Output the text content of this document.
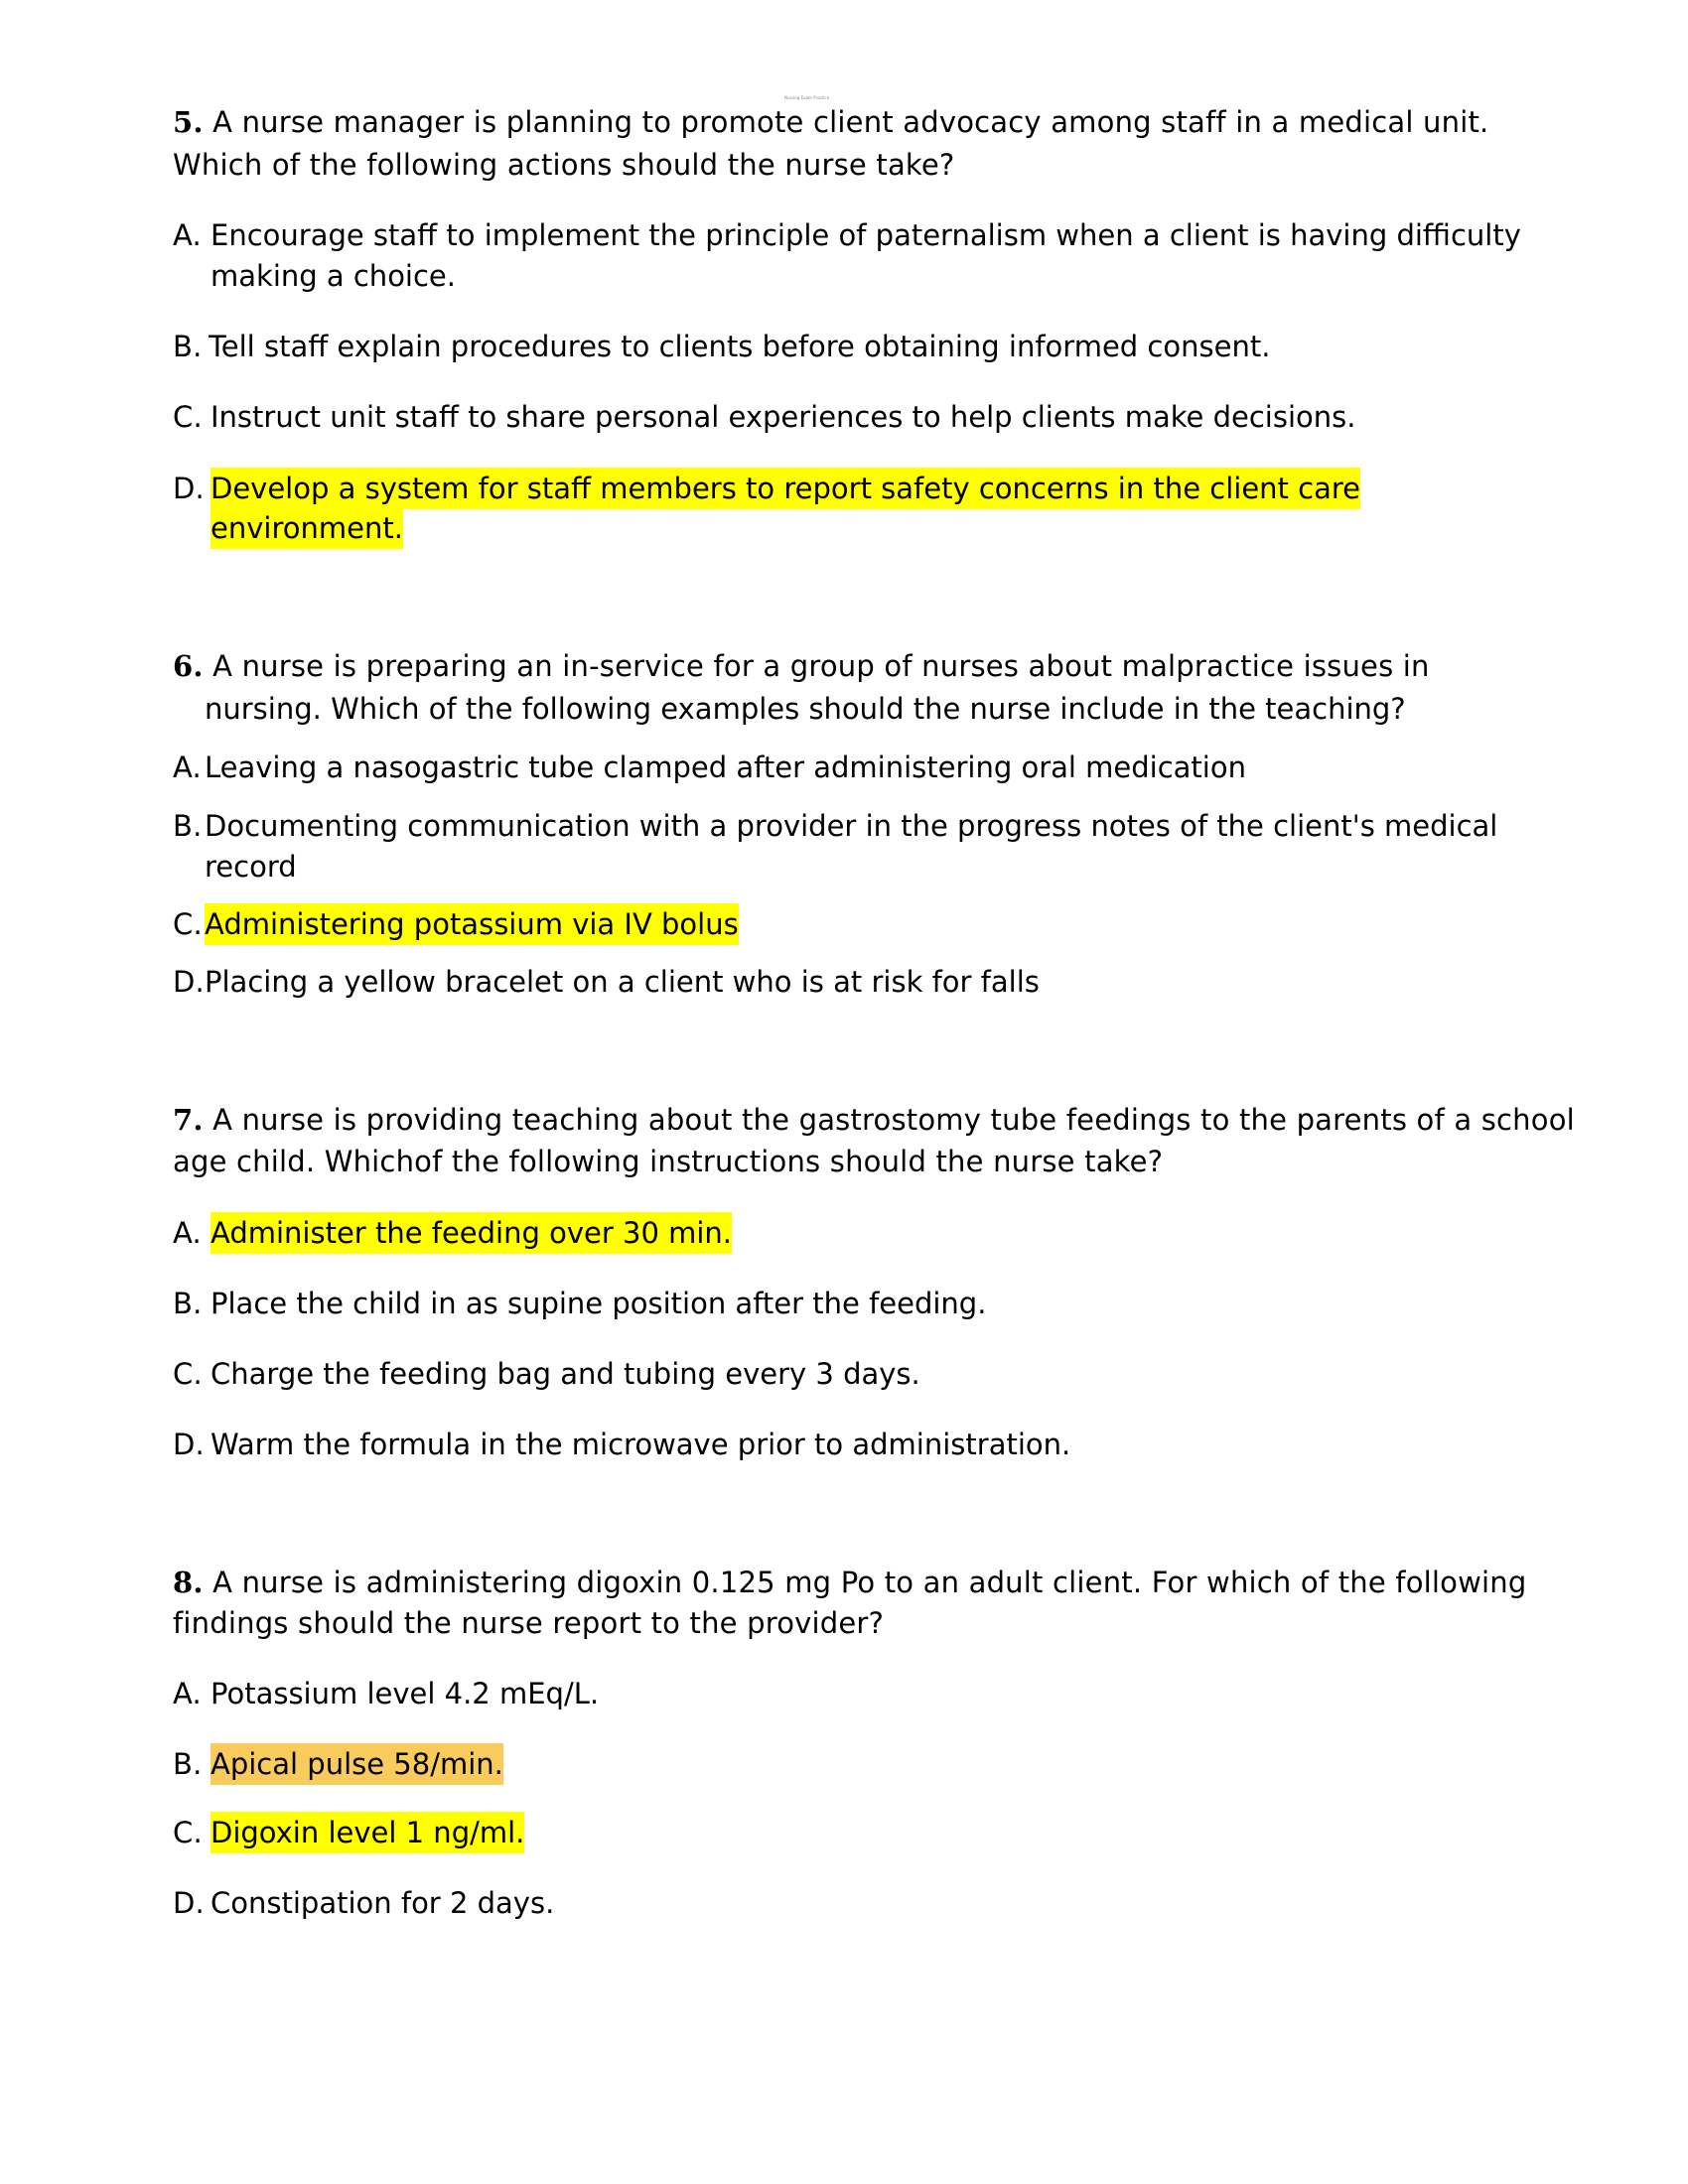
Nursing Exam Practice
5. A nurse manager is planning to promote client advocacy among staff in a medical unit.
Which of the following actions should the nurse take?
A. Encourage staff to implement the principle of paternalism when a client is having difficulty
making a choice.
B. Tell staff explain procedures to clients before obtaining informed consent.
C. Instruct unit staff to share personal experiences to help clients make decisions.
D. Develop a system for staff members to report safety concerns in the client care
environment.
6. A nurse is preparing an in-service for a group of nurses about malpractice issues in
nursing. Which of the following examples should the nurse include in the teaching?
A. Leaving a nasogastric tube clamped after administering oral medication
B. Documenting communication with a provider in the progress notes of the client's medical
record
C. Administering potassium via IV bolus
D. Placing a yellow bracelet on a client who is at risk for falls
7. A nurse is providing teaching about the gastrostomy tube feedings to the parents of a school
age child. Whichof the following instructions should the nurse take?
A. Administer the feeding over 30 min.
B. Place the child in as supine position after the feeding.
C. Charge the feeding bag and tubing every 3 days.
D. Warm the formula in the microwave prior to administration.
8. A nurse is administering digoxin 0.125 mg Po to an adult client. For which of the following
findings should the nurse report to the provider?
A. Potassium level 4.2 mEq/L.
B. Apical pulse 58/min.
C. Digoxin level 1 ng/ml.
D. Constipation for 2 days.
